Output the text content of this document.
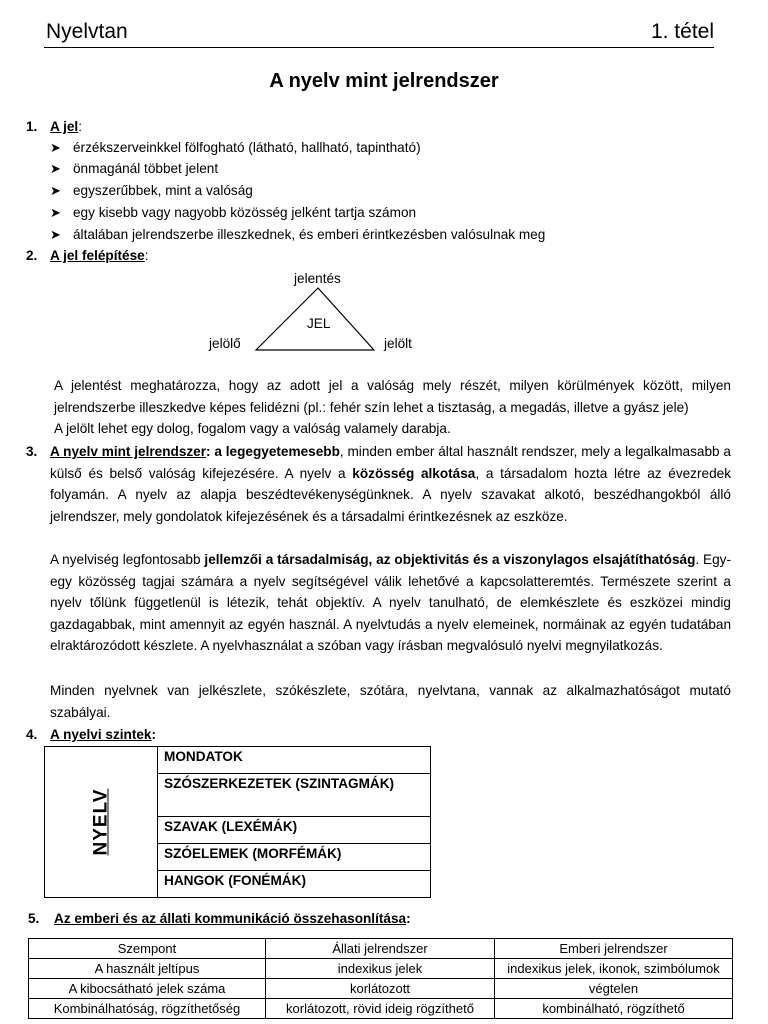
Nyelvtan	1. tétel
A nyelv mint jelrendszer
1. A jel:
➤ érzékszerveinkkel fölfogható (látható, hallható, tapintható)
➤ önmagánál többet jelent
➤ egyszerűbbek, mint a valóság
➤ egy kisebb vagy nagyobb közösség jelként tartja számon
➤ általában jelrendszerbe illeszkednek, és emberi érintkezésben valósulnak meg
2. A jel felépítése:
jelentés
JEL
jelölő	jelölt
A jelentést meghatározza, hogy az adott jel a valóság mely részét, milyen körülmények között, milyen jelrendszerbe illeszkedve képes felidézni (pl.: fehér szín lehet a tisztaság, a megadás, illetve a gyász jele)
A jelölt lehet egy dolog, fogalom vagy a valóság valamely darabja.
3. A nyelv mint jelrendszer: a legegyetemesebb, minden ember által használt rendszer, mely a legalkalmasabb a külső és belső valóság kifejezésére. A nyelv a közösség alkotása, a társadalom hozta létre az évezredek folyamán. A nyelv az alapja beszédtevékenységünknek. A nyelv szavakat alkotó, beszédhangokból álló jelrendszer, mely gondolatok kifejezésének és a társadalmi érintkezésnek az eszköze.
A nyelviség legfontosabb jellemzői a társadalmiság, az objektivitás és a viszonylagos elsajátíthatóság. Egy-egy közösség tagjai számára a nyelv segítségével válik lehetővé a kapcsolatteremtés. Természete szerint a nyelv tőlünk függetlenül is létezik, tehát objektív. A nyelv tanulható, de elemkészlete és eszközei mindig gazdagabbak, mint amennyit az egyén használ. A nyelvtudás a nyelv elemeinek, normáinak az egyén tudatában elraktározódott készlete. A nyelvhasználat a szóban vagy írásban megvalósuló nyelvi megnyilatkozás.
Minden nyelvnek van jelkészlete, szókészlete, szótára, nyelvtana, vannak az alkalmazhatóságot mutató szabályai.
4. A nyelvi szintek:
NYELV	MONDATOK
SZÓSZERKEZETEK (SZINTAGMÁK)
SZAVAK (LEXÉMÁK)
SZÓELEMEK (MORFÉMÁK)
HANGOK (FONÉMÁK)
5. Az emberi és az állati kommunikáció összehasonlítása:
Szempont	Állati jelrendszer	Emberi jelrendszer
A használt jeltípus	indexikus jelek	indexikus jelek, ikonok, szimbólumok
A kibocsátható jelek száma	korlátozott	végtelen
Kombinálhatóság, rögzíthetőség	korlátozott, rövid ideig rögzíthető	kombinálható, rögzíthető
